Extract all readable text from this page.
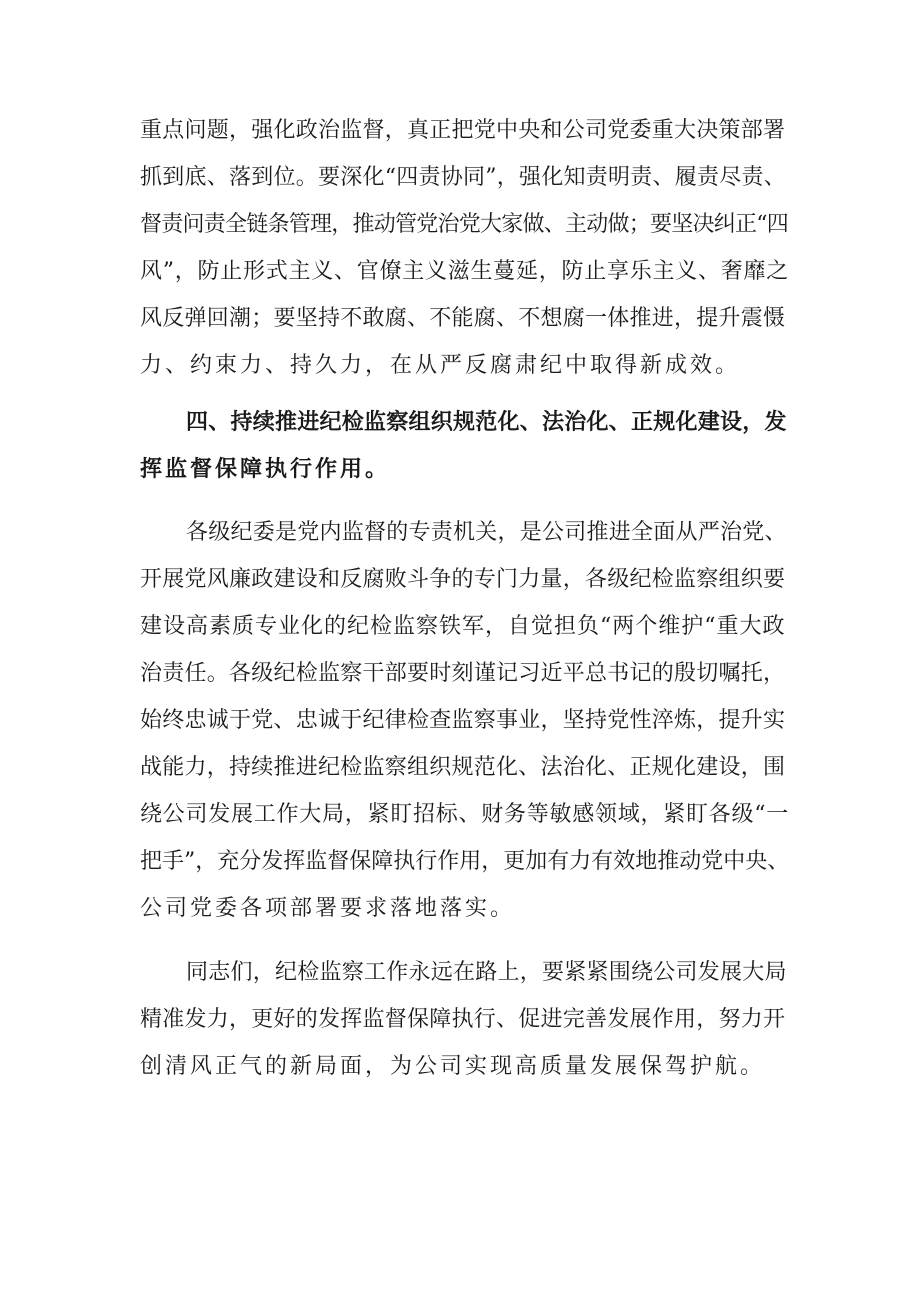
重点问题，强化政治监督，真正把党中央和公司党委重大决策部署
抓到底、落到位。要深化“四责协同”，强化知责明责、履责尽责、
督责问责全链条管理，推动管党治党大家做、主动做；要坚决纠正“四
风”，防止形式主义、官僚主义滋生蔓延，防止享乐主义、奢靡之
风反弹回潮；要坚持不敢腐、不能腐、不想腐一体推进，提升震慑
力、约束力、持久力，在从严反腐肃纪中取得新成效。
四、持续推进纪检监察组织规范化、法治化、正规化建设，发
挥监督保障执行作用。
各级纪委是党内监督的专责机关，是公司推进全面从严治党、
开展党风廉政建设和反腐败斗争的专门力量，各级纪检监察组织要
建设高素质专业化的纪检监察铁军，自觉担负“两个维护“重大政
治责任。各级纪检监察干部要时刻谨记习近平总书记的殷切嘱托，
始终忠诚于党、忠诚于纪律检查监察事业，坚持党性淬炼，提升实
战能力，持续推进纪检监察组织规范化、法治化、正规化建设，围
绕公司发展工作大局，紧盯招标、财务等敏感领域，紧盯各级“一
把手”，充分发挥监督保障执行作用，更加有力有效地推动党中央、
公司党委各项部署要求落地落实。
同志们，纪检监察工作永远在路上，要紧紧围绕公司发展大局
精准发力，更好的发挥监督保障执行、促进完善发展作用，努力开
创清风正气的新局面，为公司实现高质量发展保驾护航。
